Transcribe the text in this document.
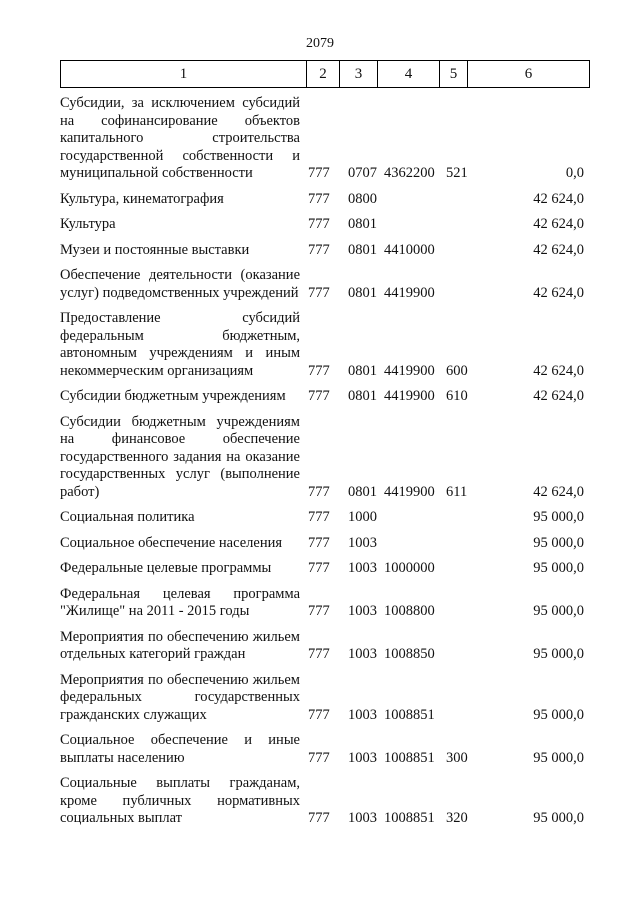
2079
1	2	3	4	5	6
Субсидии, за исключением субсидий на софинансирование объектов капитального строительства государственной собственности и муниципальной собственности	777 0707 4362200 521	0,0
Культура, кинематография	777 0800	42 624,0
Культура	777 0801	42 624,0
Музеи и постоянные выставки	777 0801 4410000	42 624,0
Обеспечение деятельности (оказание услуг) подведомственных учреждений 777 0801 4419900	42 624,0
Предоставление субсидий федеральным бюджетным, автономным учреждениям и иным некоммерческим организациям	777 0801 4419900 600	42 624,0
Субсидии бюджетным учреждениям	777 0801 4419900 610	42 624,0
Субсидии бюджетным учреждениям на финансовое обеспечение государственного задания на оказание государственных услуг (выполнение работ)	777 0801 4419900 611	42 624,0
Социальная политика	777 1000	95 000,0
Социальное обеспечение населения	777 1003	95 000,0
Федеральные целевые программы	777 1003 1000000	95 000,0
Федеральная целевая программа "Жилище" на 2011 - 2015 годы	777 1003 1008800	95 000,0
Мероприятия по обеспечению жильем отдельных категорий граждан	777 1003 1008850	95 000,0
Мероприятия по обеспечению жильем федеральных государственных гражданских служащих	777 1003 1008851	95 000,0
Социальное обеспечение и иные выплаты населению	777 1003 1008851 300	95 000,0
Социальные выплаты гражданам, кроме публичных нормативных социальных выплат	777 1003 1008851 320	95 000,0
